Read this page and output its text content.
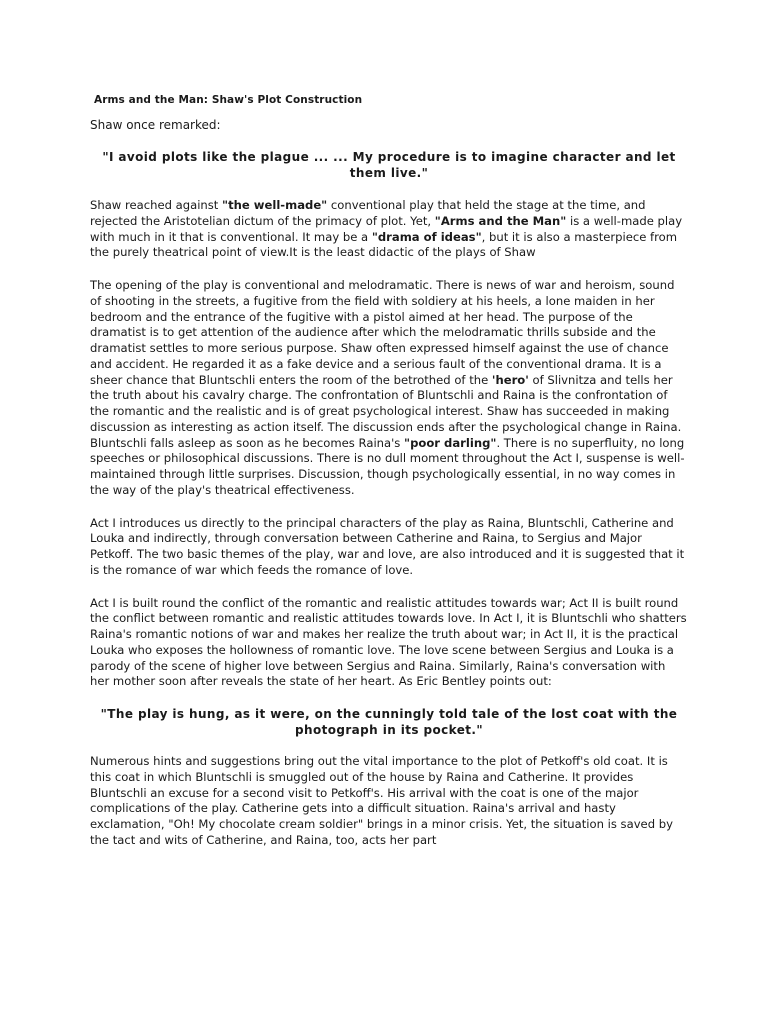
Arms and the Man: Shaw's Plot Construction
Shaw once remarked:
"I avoid plots like the plague ... ... My procedure is to imagine character and let them live."
Shaw reached against "the well-made" conventional play that held the stage at the time, and rejected the Aristotelian dictum of the primacy of plot. Yet, "Arms and the Man" is a well-made play with much in it that is conventional. It may be a "drama of ideas", but it is also a masterpiece from the purely theatrical point of view.It is the least didactic of the plays of Shaw
The opening of the play is conventional and melodramatic. There is news of war and heroism, sound of shooting in the streets, a fugitive from the field with soldiery at his heels, a lone maiden in her bedroom and the entrance of the fugitive with a pistol aimed at her head. The purpose of the dramatist is to get attention of the audience after which the melodramatic thrills subside and the dramatist settles to more serious purpose. Shaw often expressed himself against the use of chance and accident. He regarded it as a fake device and a serious fault of the conventional drama. It is a sheer chance that Bluntschli enters the room of the betrothed of the 'hero' of Slivnitza and tells her the truth about his cavalry charge. The confrontation of Bluntschli and Raina is the confrontation of the romantic and the realistic and is of great psychological interest. Shaw has succeeded in making discussion as interesting as action itself. The discussion ends after the psychological change in Raina. Bluntschli falls asleep as soon as he becomes Raina's "poor darling". There is no superfluity, no long speeches or philosophical discussions. There is no dull moment throughout the Act I, suspense is well-maintained through little surprises. Discussion, though psychologically essential, in no way comes in the way of the play's theatrical effectiveness.
Act I introduces us directly to the principal characters of the play as Raina, Bluntschli, Catherine and Louka and indirectly, through conversation between Catherine and Raina, to Sergius and Major Petkoff. The two basic themes of the play, war and love, are also introduced and it is suggested that it is the romance of war which feeds the romance of love.
Act I is built round the conflict of the romantic and realistic attitudes towards war; Act II is built round the conflict between romantic and realistic attitudes towards love. In Act I, it is Bluntschli who shatters Raina's romantic notions of war and makes her realize the truth about war; in Act II, it is the practical Louka who exposes the hollowness of romantic love. The love scene between Sergius and Louka is a parody of the scene of higher love between Sergius and Raina. Similarly, Raina's conversation with her mother soon after reveals the state of her heart. As Eric Bentley points out:
"The play is hung, as it were, on the cunningly told tale of the lost coat with the photograph in its pocket."
Numerous hints and suggestions bring out the vital importance to the plot of Petkoff's old coat. It is this coat in which Bluntschli is smuggled out of the house by Raina and Catherine. It provides Bluntschli an excuse for a second visit to Petkoff's. His arrival with the coat is one of the major complications of the play. Catherine gets into a difficult situation. Raina's arrival and hasty exclamation, "Oh! My chocolate cream soldier" brings in a minor crisis. Yet, the situation is saved by the tact and wits of Catherine, and Raina, too, acts her part
